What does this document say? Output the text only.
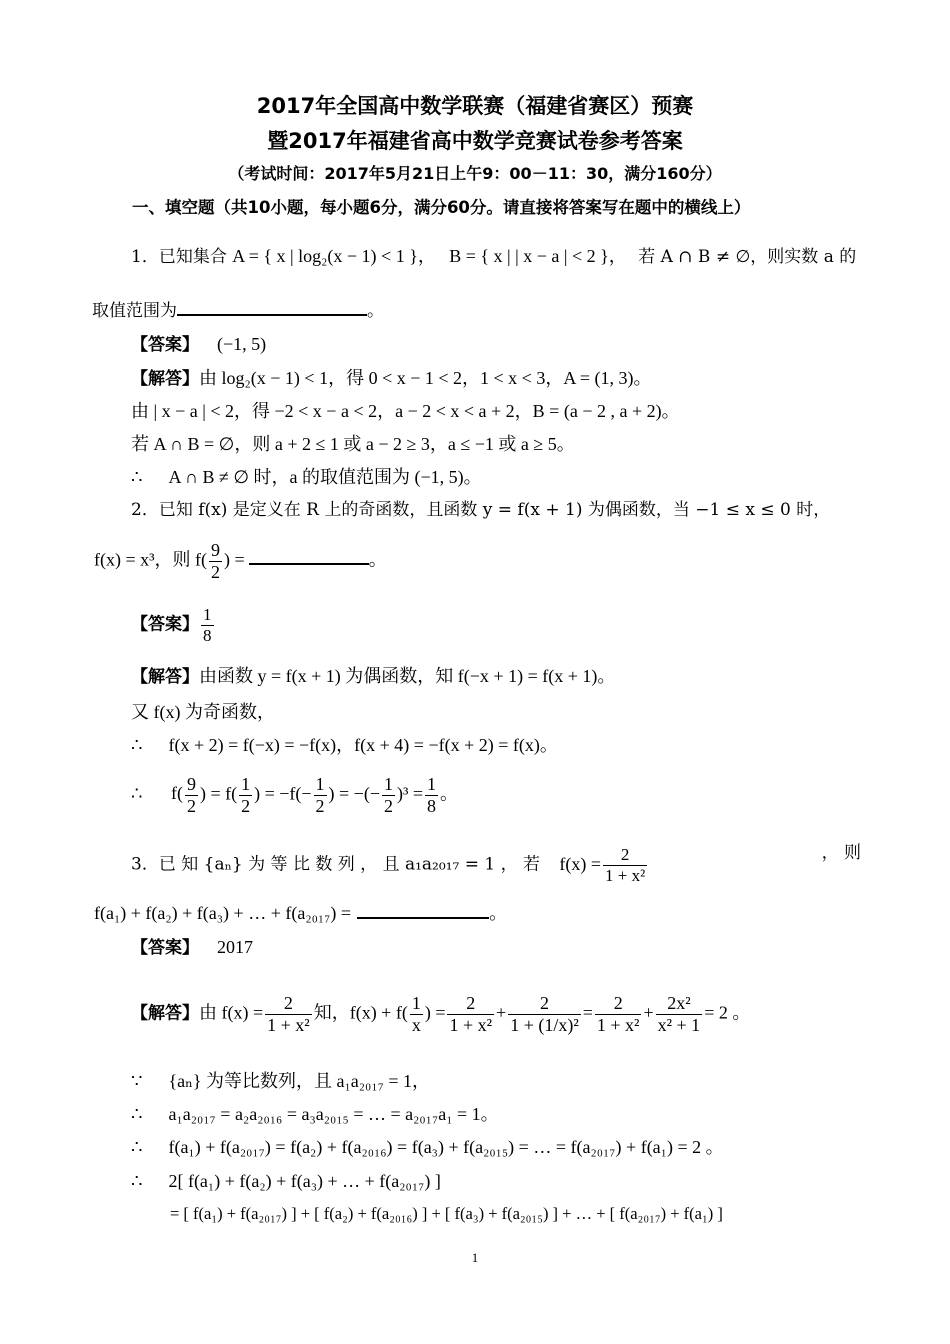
2017年全国高中数学联赛（福建省赛区）预赛
暨2017年福建省高中数学竞赛试卷参考答案
（考试时间：2017年5月21日上午9：00－11：30，满分160分）
一、填空题（共10小题，每小题6分，满分60分。请直接将答案写在题中的横线上）
1．已知集合 A = { x | log₂(x − 1) < 1 }， B = { x | | x − a | < 2 }， 若 A ∩ B ≠ ∅，则实数 a 的
取值范围为	。
【答案】 (−1, 5)
【解答】由 log₂(x − 1) < 1，得 0 < x − 1 < 2，1 < x < 3，A = (1, 3)。
由 | x − a | < 2，得 −2 < x − a < 2，a − 2 < x < a + 2，B = (a − 2 , a + 2)。
若 A ∩ B = ∅，则 a + 2 ≤ 1 或 a − 2 ≥ 3，a ≤ −1 或 a ≥ 5。
∴ A ∩ B ≠ ∅ 时，a 的取值范围为 (−1, 5)。
2．已知 f(x) 是定义在 R 上的奇函数，且函数 y = f(x + 1) 为偶函数，当 −1 ≤ x ≤ 0 时，
f(x) = x³，则 $f( \frac{9}{2}$ ) =	。
【答案】 $\frac{1}{8}$
【解答】由函数 y = f(x + 1) 为偶函数，知 f(−x + 1) = f(x + 1)。
又 f(x) 为奇函数，
∴ f(x + 2) = f(−x) = −f(x)，f(x + 4) = −f(x + 2) = f(x)。
∴ $f( \frac{9}{2}$ ) = $f( \frac{1}{2}$ ) = $-f(- \frac{1}{2}$ ) = −(− $\frac{1}{2} )^3 = \frac{1}{8}$ 。
3．已 知 {aₙ} 为 等 比 数 列 ， 且 a₁a₂₀₁₇ = 1 ， 若 $f(x) = \frac{2}{\text{1 + x²}}$	， 则
f(a₁) + f(a₂) + f(a₃) + … + f(a₂₀₁₇) =	。
【答案】 2017
【解答】由 $f(x) = \frac{2}{\text{1 + x²}}$ 知，$f(x) + f( \frac{1}{x}$ ) = $\frac{2}{\text{1 + x²}} + \frac{2}{\text{1 + (1/x)²}} = \frac{2}{\text{1 + x²}} + \frac{\text{2x²}}{\text{x² + 1}} = 2$ 。
∵ {aₙ} 为等比数列，且 a₁a₂₀₁₇ = 1，
∴ a₁a₂₀₁₇ = a₂a₂₀₁₆ = a₃a₂₀₁₅ = … = a₂₀₁₇a₁ = 1。
∴ f(a₁) + f(a₂₀₁₇) = f(a₂) + f(a₂₀₁₆) = f(a₃) + f(a₂₀₁₅) = … = f(a₂₀₁₇) + f(a₁) = 2 。
∴ 2[ f(a₁) + f(a₂) + f(a₃) + … + f(a₂₀₁₇) ]
= [ f(a₁) + f(a₂₀₁₇) ] + [ f(a₂) + f(a₂₀₁₆) ] + [ f(a₃) + f(a₂₀₁₅) ] + … + [ f(a₂₀₁₇) + f(a₁) ]
1
